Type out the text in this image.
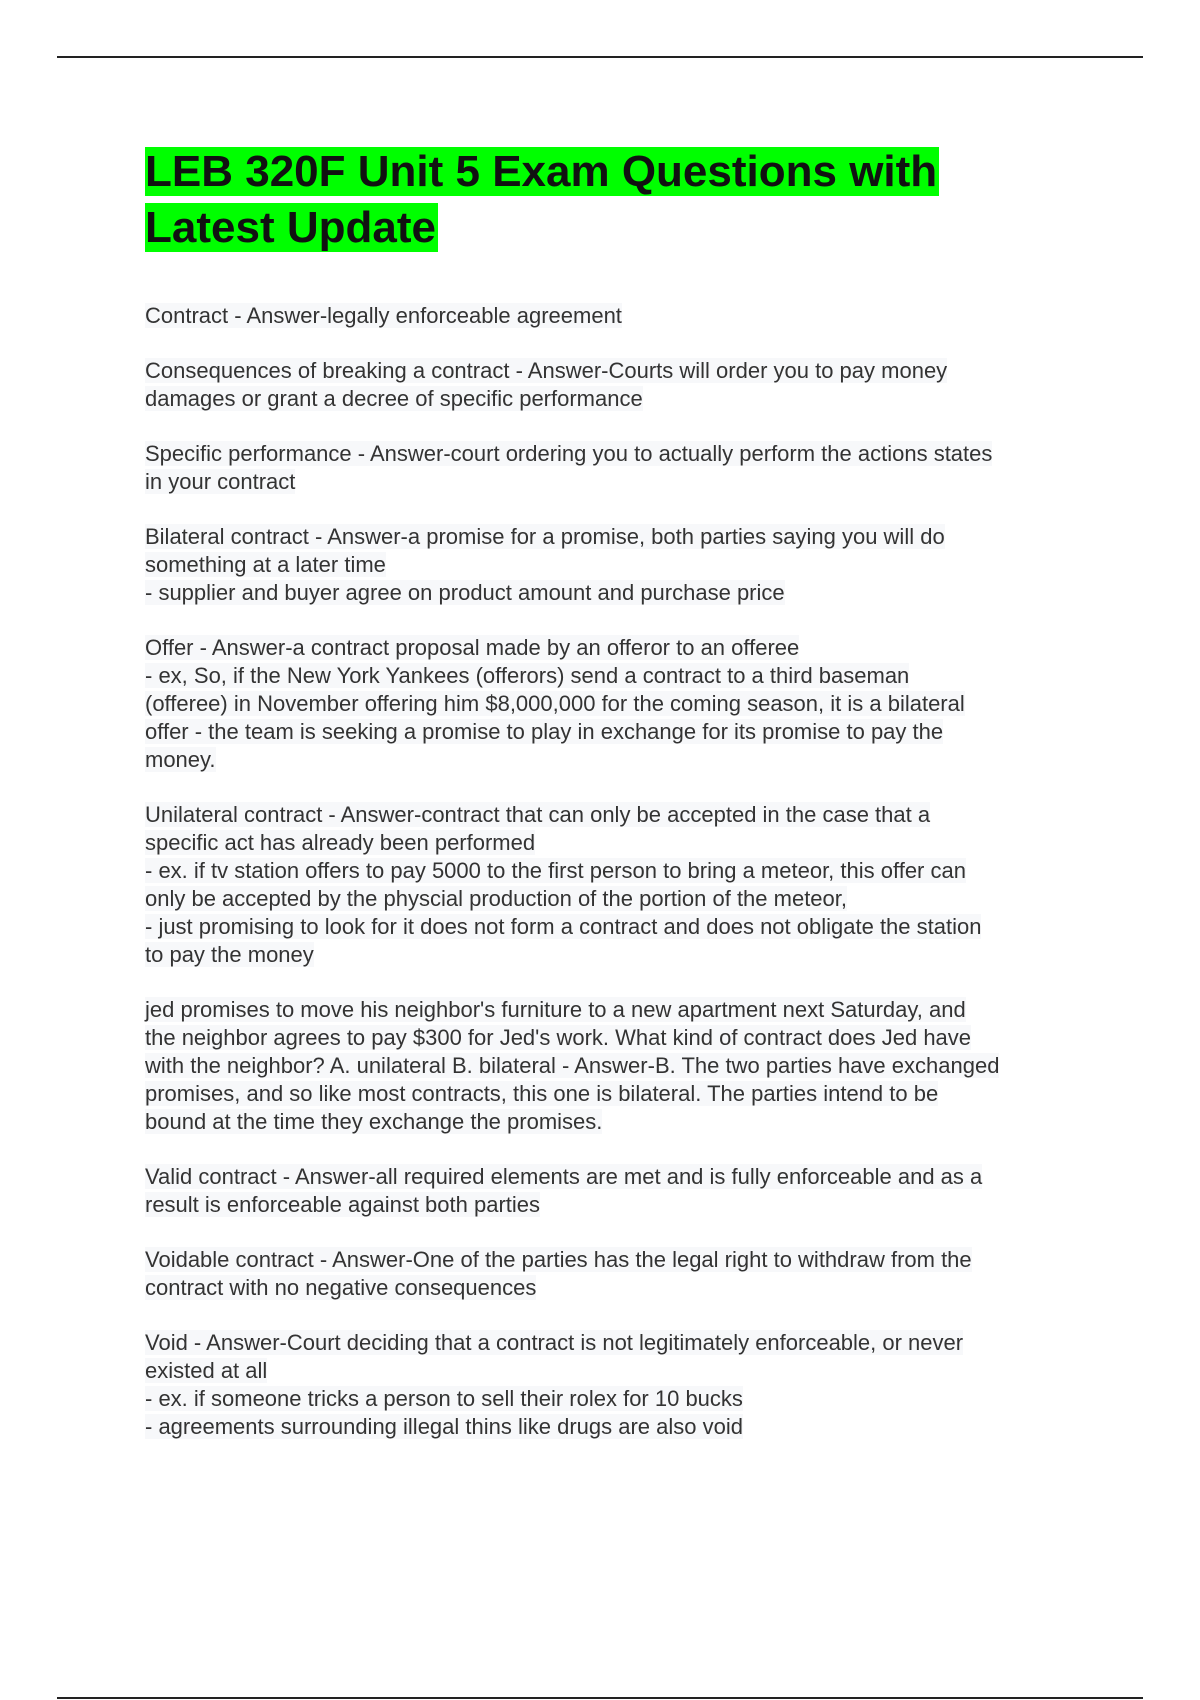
LEB 320F Unit 5 Exam Questions with
Latest Update
Contract - Answer-legally enforceable agreement
Consequences of breaking a contract - Answer-Courts will order you to pay money
damages or grant a decree of specific performance
Specific performance - Answer-court ordering you to actually perform the actions states
in your contract
Bilateral contract - Answer-a promise for a promise, both parties saying you will do
something at a later time
- supplier and buyer agree on product amount and purchase price
Offer - Answer-a contract proposal made by an offeror to an offeree
- ex, So, if the New York Yankees (offerors) send a contract to a third baseman
(offeree) in November offering him $8,000,000 for the coming season, it is a bilateral
offer - the team is seeking a promise to play in exchange for its promise to pay the
money.
Unilateral contract - Answer-contract that can only be accepted in the case that a
specific act has already been performed
- ex. if tv station offers to pay 5000 to the first person to bring a meteor, this offer can
only be accepted by the physcial production of the portion of the meteor,
- just promising to look for it does not form a contract and does not obligate the station
to pay the money
jed promises to move his neighbor's furniture to a new apartment next Saturday, and
the neighbor agrees to pay $300 for Jed's work. What kind of contract does Jed have
with the neighbor? A. unilateral B. bilateral - Answer-B. The two parties have exchanged
promises, and so like most contracts, this one is bilateral. The parties intend to be
bound at the time they exchange the promises.
Valid contract - Answer-all required elements are met and is fully enforceable and as a
result is enforceable against both parties
Voidable contract - Answer-One of the parties has the legal right to withdraw from the
contract with no negative consequences
Void - Answer-Court deciding that a contract is not legitimately enforceable, or never
existed at all
- ex. if someone tricks a person to sell their rolex for 10 bucks
- agreements surrounding illegal thins like drugs are also void
